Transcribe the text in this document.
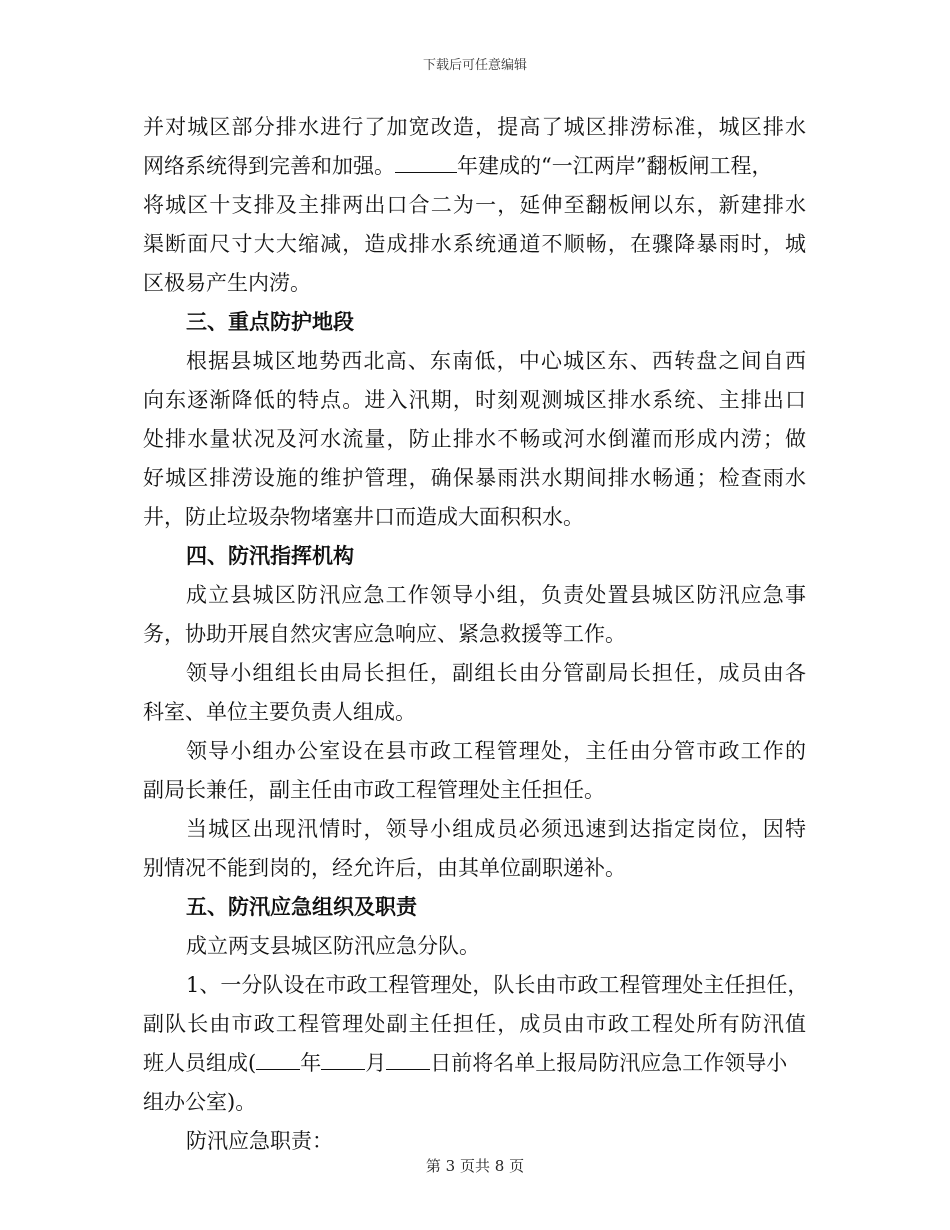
下载后可任意编辑
并对城区部分排水进行了加宽改造，提高了城区排涝标准，城区排水
网络系统得到完善和加强。	年建成的“一江两岸”翻板闸工程，
将城区十支排及主排两出口合二为一，延伸至翻板闸以东，新建排水
渠断面尺寸大大缩减，造成排水系统通道不顺畅，在骤降暴雨时，城
区极易产生内涝。
三、重点防护地段
根据县城区地势西北高、东南低，中心城区东、西转盘之间自西
向东逐渐降低的特点。进入汛期，时刻观测城区排水系统、主排出口
处排水量状况及河水流量，防止排水不畅或河水倒灌而形成内涝；做
好城区排涝设施的维护管理，确保暴雨洪水期间排水畅通；检查雨水
井，防止垃圾杂物堵塞井口而造成大面积积水。
四、防汛指挥机构
成立县城区防汛应急工作领导小组，负责处置县城区防汛应急事
务，协助开展自然灾害应急响应、紧急救援等工作。
领导小组组长由局长担任，副组长由分管副局长担任，成员由各
科室、单位主要负责人组成。
领导小组办公室设在县市政工程管理处，主任由分管市政工作的
副局长兼任，副主任由市政工程管理处主任担任。
当城区出现汛情时，领导小组成员必须迅速到达指定岗位，因特
别情况不能到岗的，经允许后，由其单位副职递补。
五、防汛应急组织及职责
成立两支县城区防汛应急分队。
1、一分队设在市政工程管理处，队长由市政工程管理处主任担任，
副队长由市政工程管理处副主任担任，成员由市政工程处所有防汛值
班人员组成( 年 月 日前将名单上报局防汛应急工作领导小
组办公室)。
防汛应急职责：
第 3 页共 8 页
